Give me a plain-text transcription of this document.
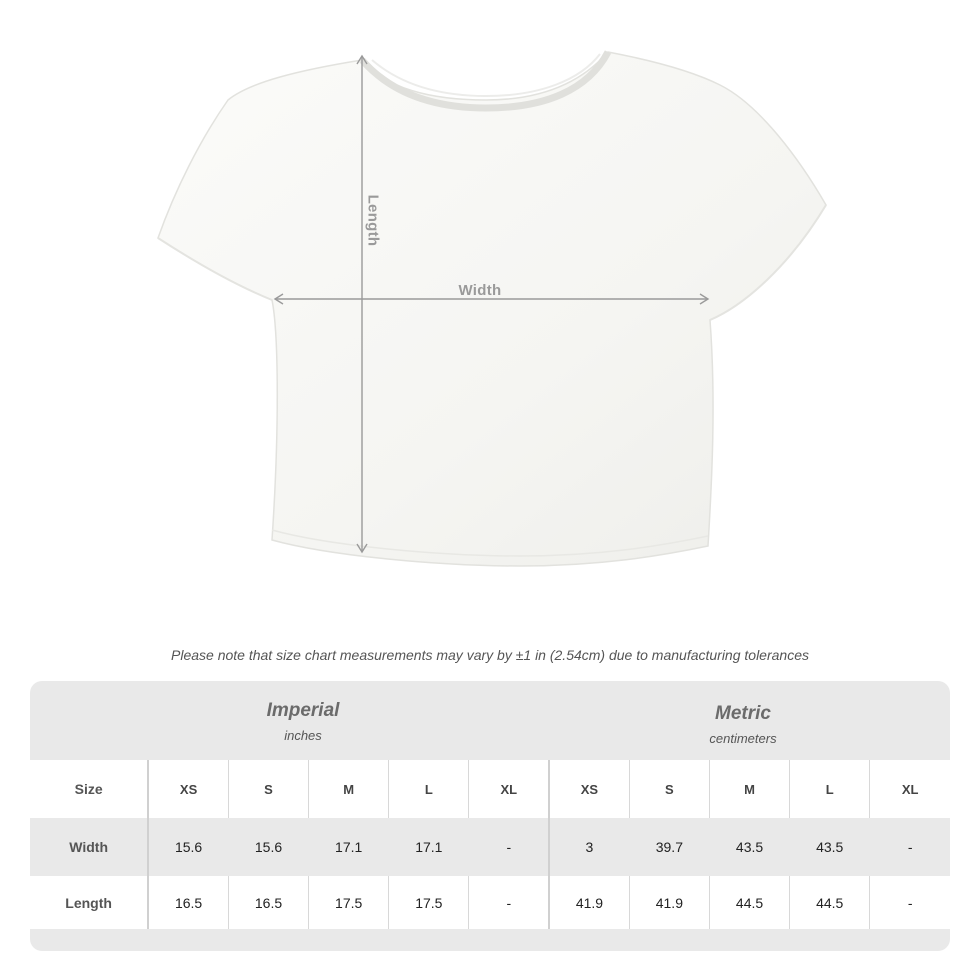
Length
Width
Please note that size chart measurements may vary by ±1 in (2.54cm) due to manufacturing tolerances
Imperial
inches
Metric
centimeters
Size	XS	S	M	L	XL	XS	S	M	L	XL
Width	15.6	15.6	17.1	17.1	-	3	39.7	43.5	43.5	-
Length	16.5	16.5	17.5	17.5	-	41.9	41.9	44.5	44.5	-
